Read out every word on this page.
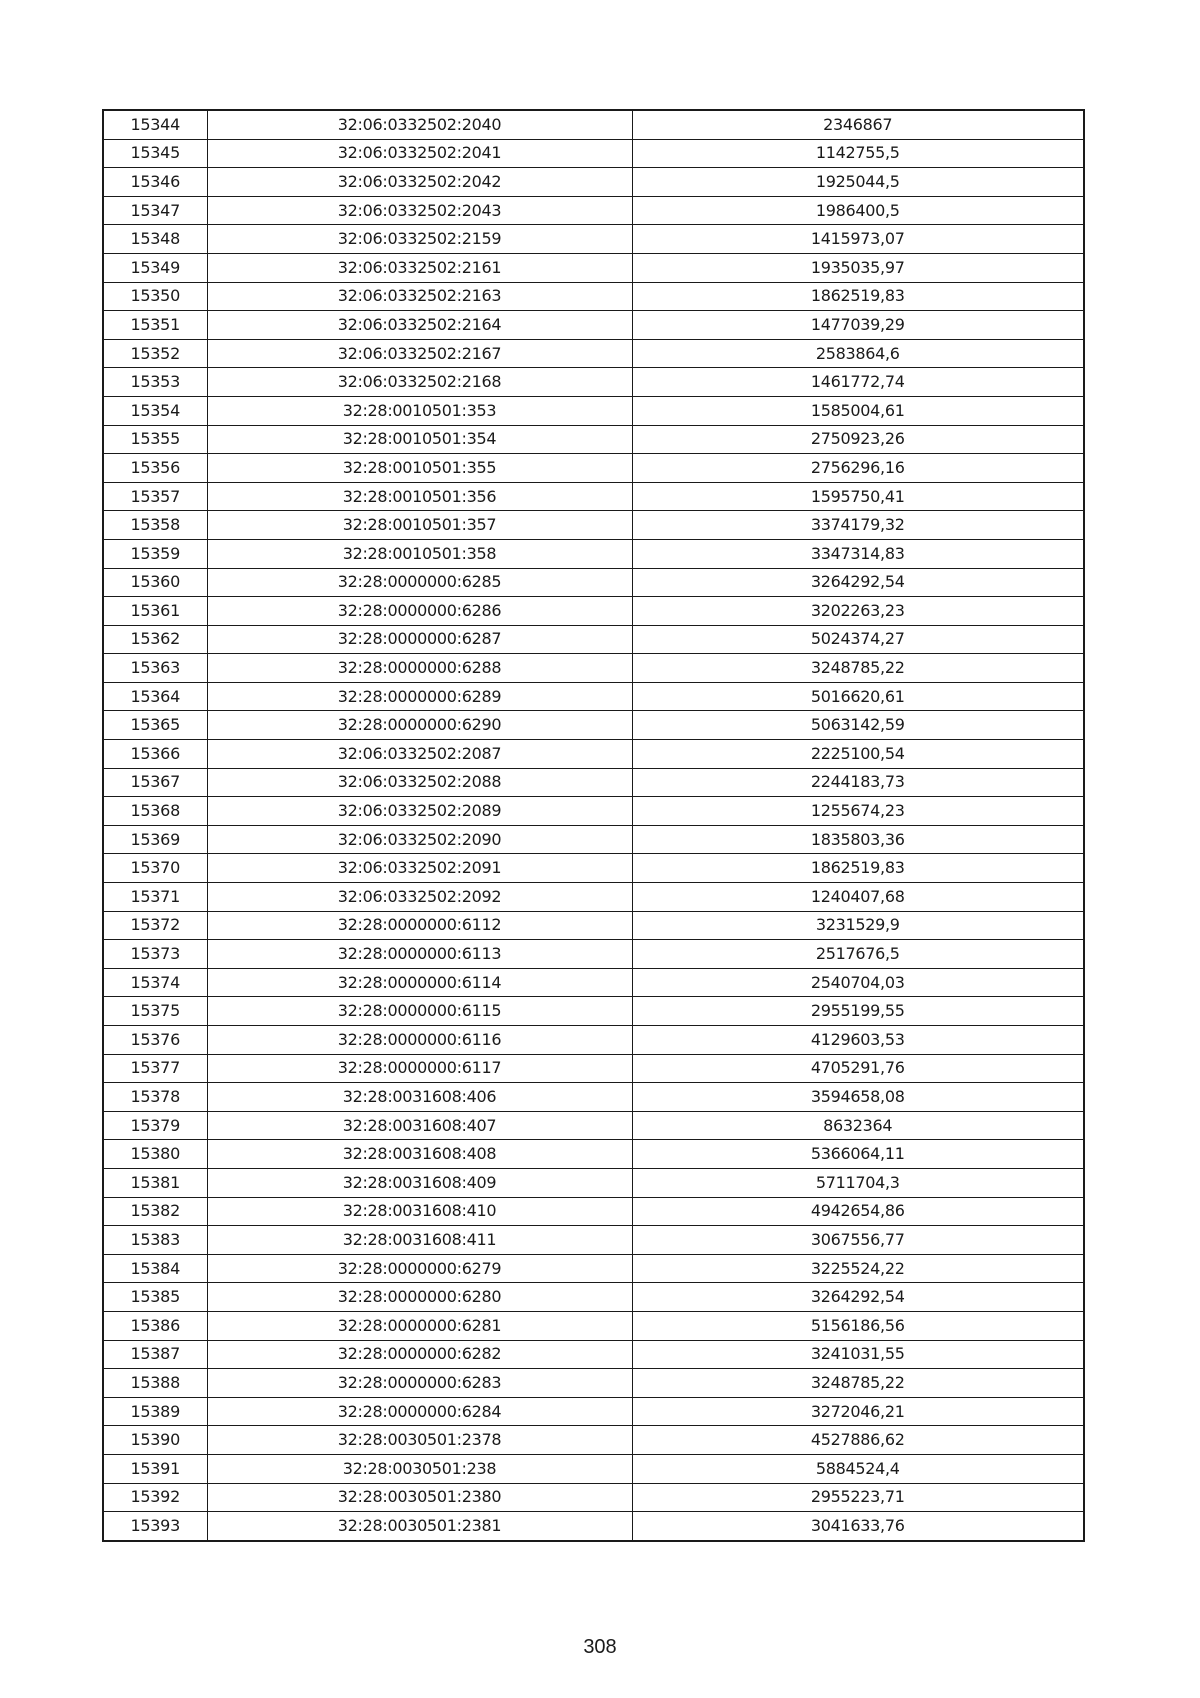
15344	32:06:0332502:2040	2346867
15345	32:06:0332502:2041	1142755,5
15346	32:06:0332502:2042	1925044,5
15347	32:06:0332502:2043	1986400,5
15348	32:06:0332502:2159	1415973,07
15349	32:06:0332502:2161	1935035,97
15350	32:06:0332502:2163	1862519,83
15351	32:06:0332502:2164	1477039,29
15352	32:06:0332502:2167	2583864,6
15353	32:06:0332502:2168	1461772,74
15354	32:28:0010501:353	1585004,61
15355	32:28:0010501:354	2750923,26
15356	32:28:0010501:355	2756296,16
15357	32:28:0010501:356	1595750,41
15358	32:28:0010501:357	3374179,32
15359	32:28:0010501:358	3347314,83
15360	32:28:0000000:6285	3264292,54
15361	32:28:0000000:6286	3202263,23
15362	32:28:0000000:6287	5024374,27
15363	32:28:0000000:6288	3248785,22
15364	32:28:0000000:6289	5016620,61
15365	32:28:0000000:6290	5063142,59
15366	32:06:0332502:2087	2225100,54
15367	32:06:0332502:2088	2244183,73
15368	32:06:0332502:2089	1255674,23
15369	32:06:0332502:2090	1835803,36
15370	32:06:0332502:2091	1862519,83
15371	32:06:0332502:2092	1240407,68
15372	32:28:0000000:6112	3231529,9
15373	32:28:0000000:6113	2517676,5
15374	32:28:0000000:6114	2540704,03
15375	32:28:0000000:6115	2955199,55
15376	32:28:0000000:6116	4129603,53
15377	32:28:0000000:6117	4705291,76
15378	32:28:0031608:406	3594658,08
15379	32:28:0031608:407	8632364
15380	32:28:0031608:408	5366064,11
15381	32:28:0031608:409	5711704,3
15382	32:28:0031608:410	4942654,86
15383	32:28:0031608:411	3067556,77
15384	32:28:0000000:6279	3225524,22
15385	32:28:0000000:6280	3264292,54
15386	32:28:0000000:6281	5156186,56
15387	32:28:0000000:6282	3241031,55
15388	32:28:0000000:6283	3248785,22
15389	32:28:0000000:6284	3272046,21
15390	32:28:0030501:2378	4527886,62
15391	32:28:0030501:238	5884524,4
15392	32:28:0030501:2380	2955223,71
15393	32:28:0030501:2381	3041633,76
308
